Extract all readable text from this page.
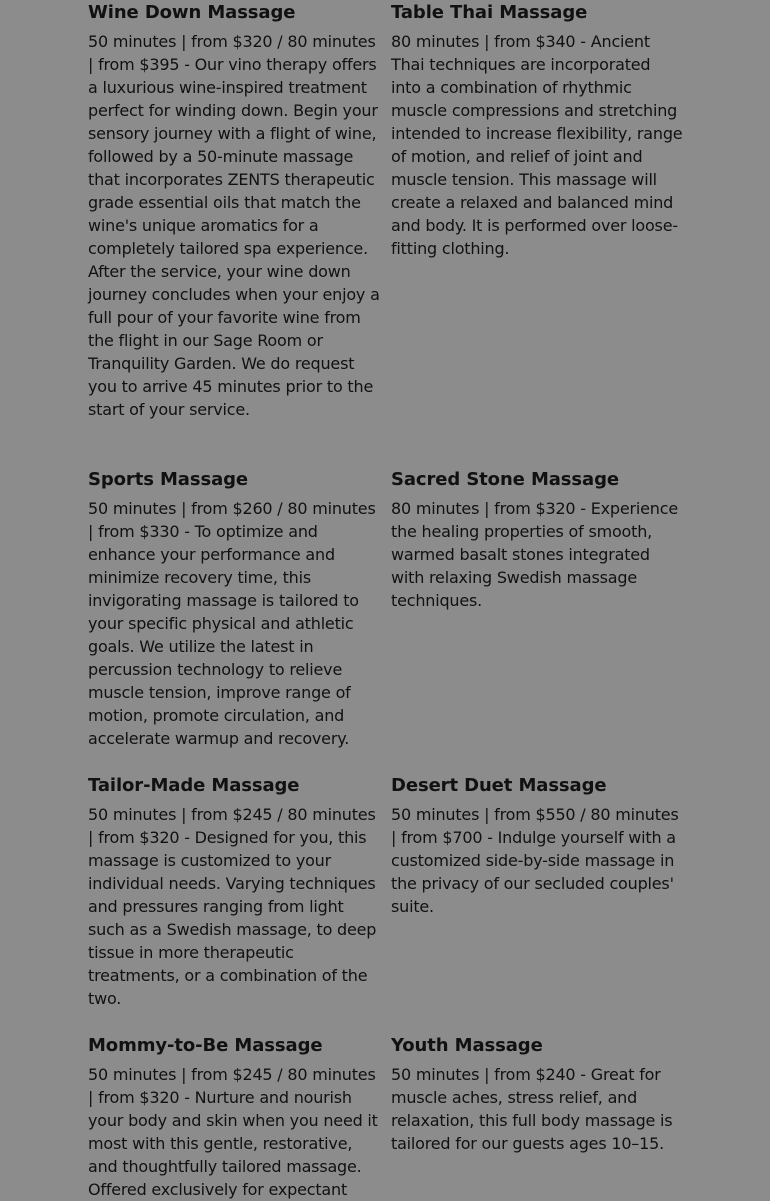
Wine Down Massage

50 minutes | from $320 / 80 minutes | from $395 - Our vino therapy offers a luxurious wine-inspired treatment perfect for winding down. Begin your sensory journey with a flight of wine, followed by a 50-minute massage that incorporates ZENTS therapeutic grade essential oils that match the wine's unique aromatics for a completely tailored spa experience. After the service, your wine down journey concludes when your enjoy a full pour of your favorite wine from the flight in our Sage Room or Tranquility Garden. We do request you to arrive 45 minutes prior to the start of your service.

Table Thai Massage

80 minutes | from $340 - Ancient Thai techniques are incorporated into a combination of rhythmic muscle compressions and stretching intended to increase flexibility, range of motion, and relief of joint and muscle tension. This massage will create a relaxed and balanced mind and body. It is performed over loose-fitting clothing.

Sports Massage

50 minutes | from $260 / 80 minutes | from $330 - To optimize and enhance your performance and minimize recovery time, this invigorating massage is tailored to your specific physical and athletic goals. We utilize the latest in percussion technology to relieve muscle tension, improve range of motion, promote circulation, and accelerate warmup and recovery.

Sacred Stone Massage

80 minutes | from $320 - Experience the healing properties of smooth, warmed basalt stones integrated with relaxing Swedish massage techniques.

Tailor-Made Massage

50 minutes | from $245 / 80 minutes | from $320 - Designed for you, this massage is customized to your individual needs. Varying techniques and pressures ranging from light such as a Swedish massage, to deep tissue in more therapeutic treatments, or a combination of the two.

Desert Duet Massage

50 minutes | from $550 / 80 minutes | from $700 - Indulge yourself with a customized side-by-side massage in the privacy of our secluded couples' suite.

Mommy-to-Be Massage

50 minutes | from $245 / 80 minutes | from $320 - Nurture and nourish your body and skin when you need it most with this gentle, restorative, and thoughtfully tailored massage. Offered exclusively for expectant

Youth Massage

50 minutes | from $240 - Great for muscle aches, stress relief, and relaxation, this full body massage is tailored for our guests ages 10–15.
